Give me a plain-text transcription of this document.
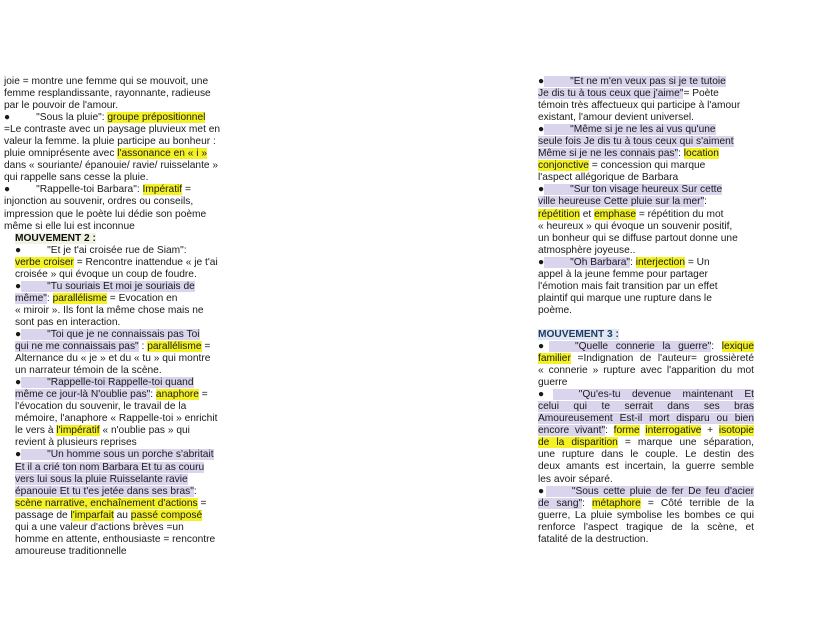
joie = montre une femme qui se mouvoit, une
femme resplandissante, rayonnante, radieuse
par le pouvoir de l'amour.
●	"Sous la pluie": groupe prépositionnel
=Le contraste avec un paysage pluvieux met en
valeur la femme. la pluie participe au bonheur :
pluie omniprésente avec l'assonance en « i »
dans « souriante/ épanouie/ ravie/ ruisselante »
qui rappelle sans cesse la pluie.
●	"Rappelle-toi Barbara": Impératif =
injonction au souvenir, ordres ou conseils,
impression que le poète lui dédie son poème
même si elle lui est inconnue
MOUVEMENT 2 :
●	"Et je t'ai croisée rue de Siam":
verbe croiser = Rencontre inattendue « je t'ai
croisée » qui évoque un coup de foudre.
●	"Tu souriais Et moi je souriais de
même": parallélisme = Evocation en
« miroir ». Ils font la même chose mais ne
sont pas en interaction.
●	"Toi que je ne connaissais pas Toi
qui ne me connaissais pas" : parallélisme =
Alternance du « je » et du « tu » qui montre
un narrateur témoin de la scène.
●	"Rappelle-toi Rappelle-toi quand
même ce jour-là N'oublie pas": anaphore =
l'évocation du souvenir, le travail de la
mémoire, l'anaphore « Rappelle-toi » enrichit
le vers à l'impératif « n'oublie pas » qui
revient à plusieurs reprises
●	"Un homme sous un porche s'abritait
Et il a crié ton nom Barbara Et tu as couru
vers lui sous la pluie Ruisselante ravie
épanouie Et tu t'es jetée dans ses bras":
scène narrative, enchaînement d'actions =
passage de l'imparfait au passé composé
qui a une valeur d'actions brèves =un
homme en attente, enthousiaste = rencontre
amoureuse traditionnelle
●	"Et ne m'en veux pas si je te tutoie
Je dis tu à tous ceux que j'aime"= Poète
témoin très affectueux qui participe à l'amour
existant, l'amour devient universel.
●	"Même si je ne les ai vus qu'une
seule fois Je dis tu à tous ceux qui s'aiment
Même si je ne les connais pas": location
conjonctive = concession qui marque
l'aspect allégorique de Barbara
●	"Sur ton visage heureux Sur cette
ville heureuse Cette pluie sur la mer":
répétition et emphase = répétition du mot
« heureux » qui évoque un souvenir positif,
un bonheur qui se diffuse partout donne une
atmosphère joyeuse..
●	"Oh Barbara": interjection = Un
appel à la jeune femme pour partager
l'émotion mais fait transition par un effet
plaintif qui marque une rupture dans le
poème.
MOUVEMENT 3 :
●	"Quelle connerie la guerre": lexique
familier =Indignation de l'auteur= grossièreté
« connerie » rupture avec l'apparition du mot
guerre
●	"Qu'es-tu devenue maintenant Et
celui qui te serrait dans ses bras
Amoureusement Est-il mort disparu ou bien
encore vivant": forme interrogative + isotopie
de la disparition = marque une séparation,
une rupture dans le couple. Le destin des
deux amants est incertain, la guerre semble
les avoir séparé.
●	"Sous cette pluie de fer De feu d'acier
de sang": métaphore = Côté terrible de la
guerre, La pluie symbolise les bombes ce qui
renforce l'aspect tragique de la scène, et
fatalité de la destruction.
